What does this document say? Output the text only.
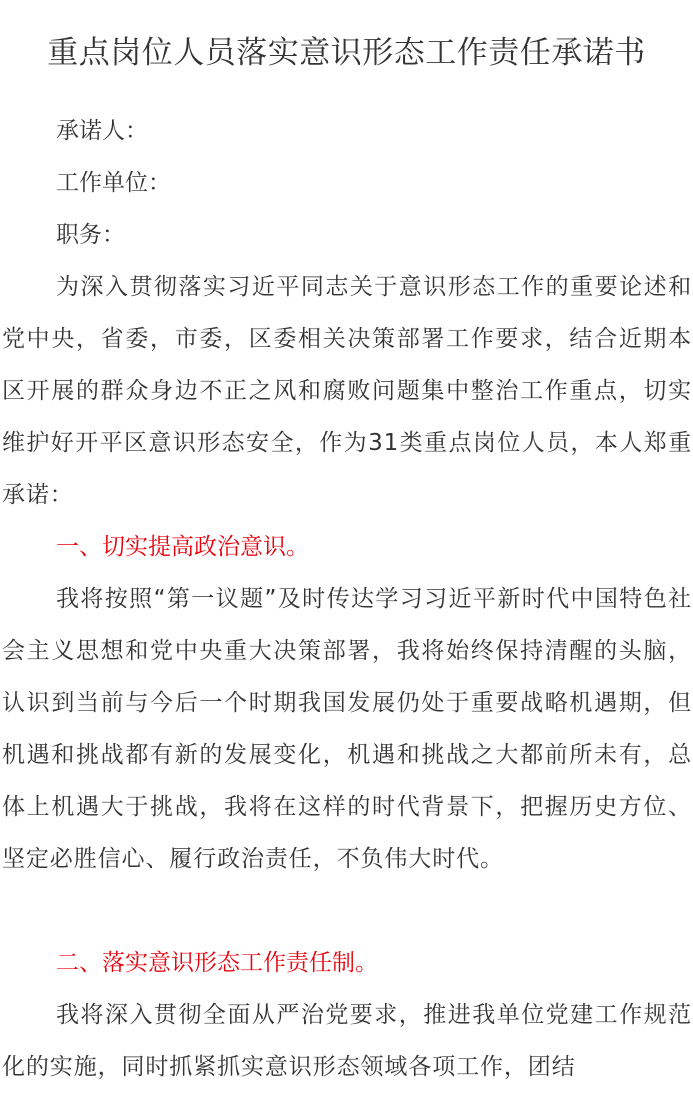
重点岗位人员落实意识形态工作责任承诺书
承诺人：
工作单位：
职务：

为深入贯彻落实习近平同志关于意识形态工作的重要论述和党中央，省委，市委，区委相关决策部署工作要求，结合近期本区开展的群众身边不正之风和腐败问题集中整治工作重点，切实维护好开平区意识形态安全，作为31类重点岗位人员，本人郑重承诺：

一、切实提高政治意识。

我将按照“第一议题”及时传达学习习近平新时代中国特色社会主义思想和党中央重大决策部署，我将始终保持清醒的头脑，认识到当前与今后一个时期我国发展仍处于重要战略机遇期，但机遇和挑战都有新的发展变化，机遇和挑战之大都前所未有，总体上机遇大于挑战，我将在这样的时代背景下，把握历史方位、坚定必胜信心、履行政治责任，不负伟大时代。

二、落实意识形态工作责任制。

我将深入贯彻全面从严治党要求，推进我单位党建工作规范化的实施，同时抓紧抓实意识形态领域各项工作，团结
